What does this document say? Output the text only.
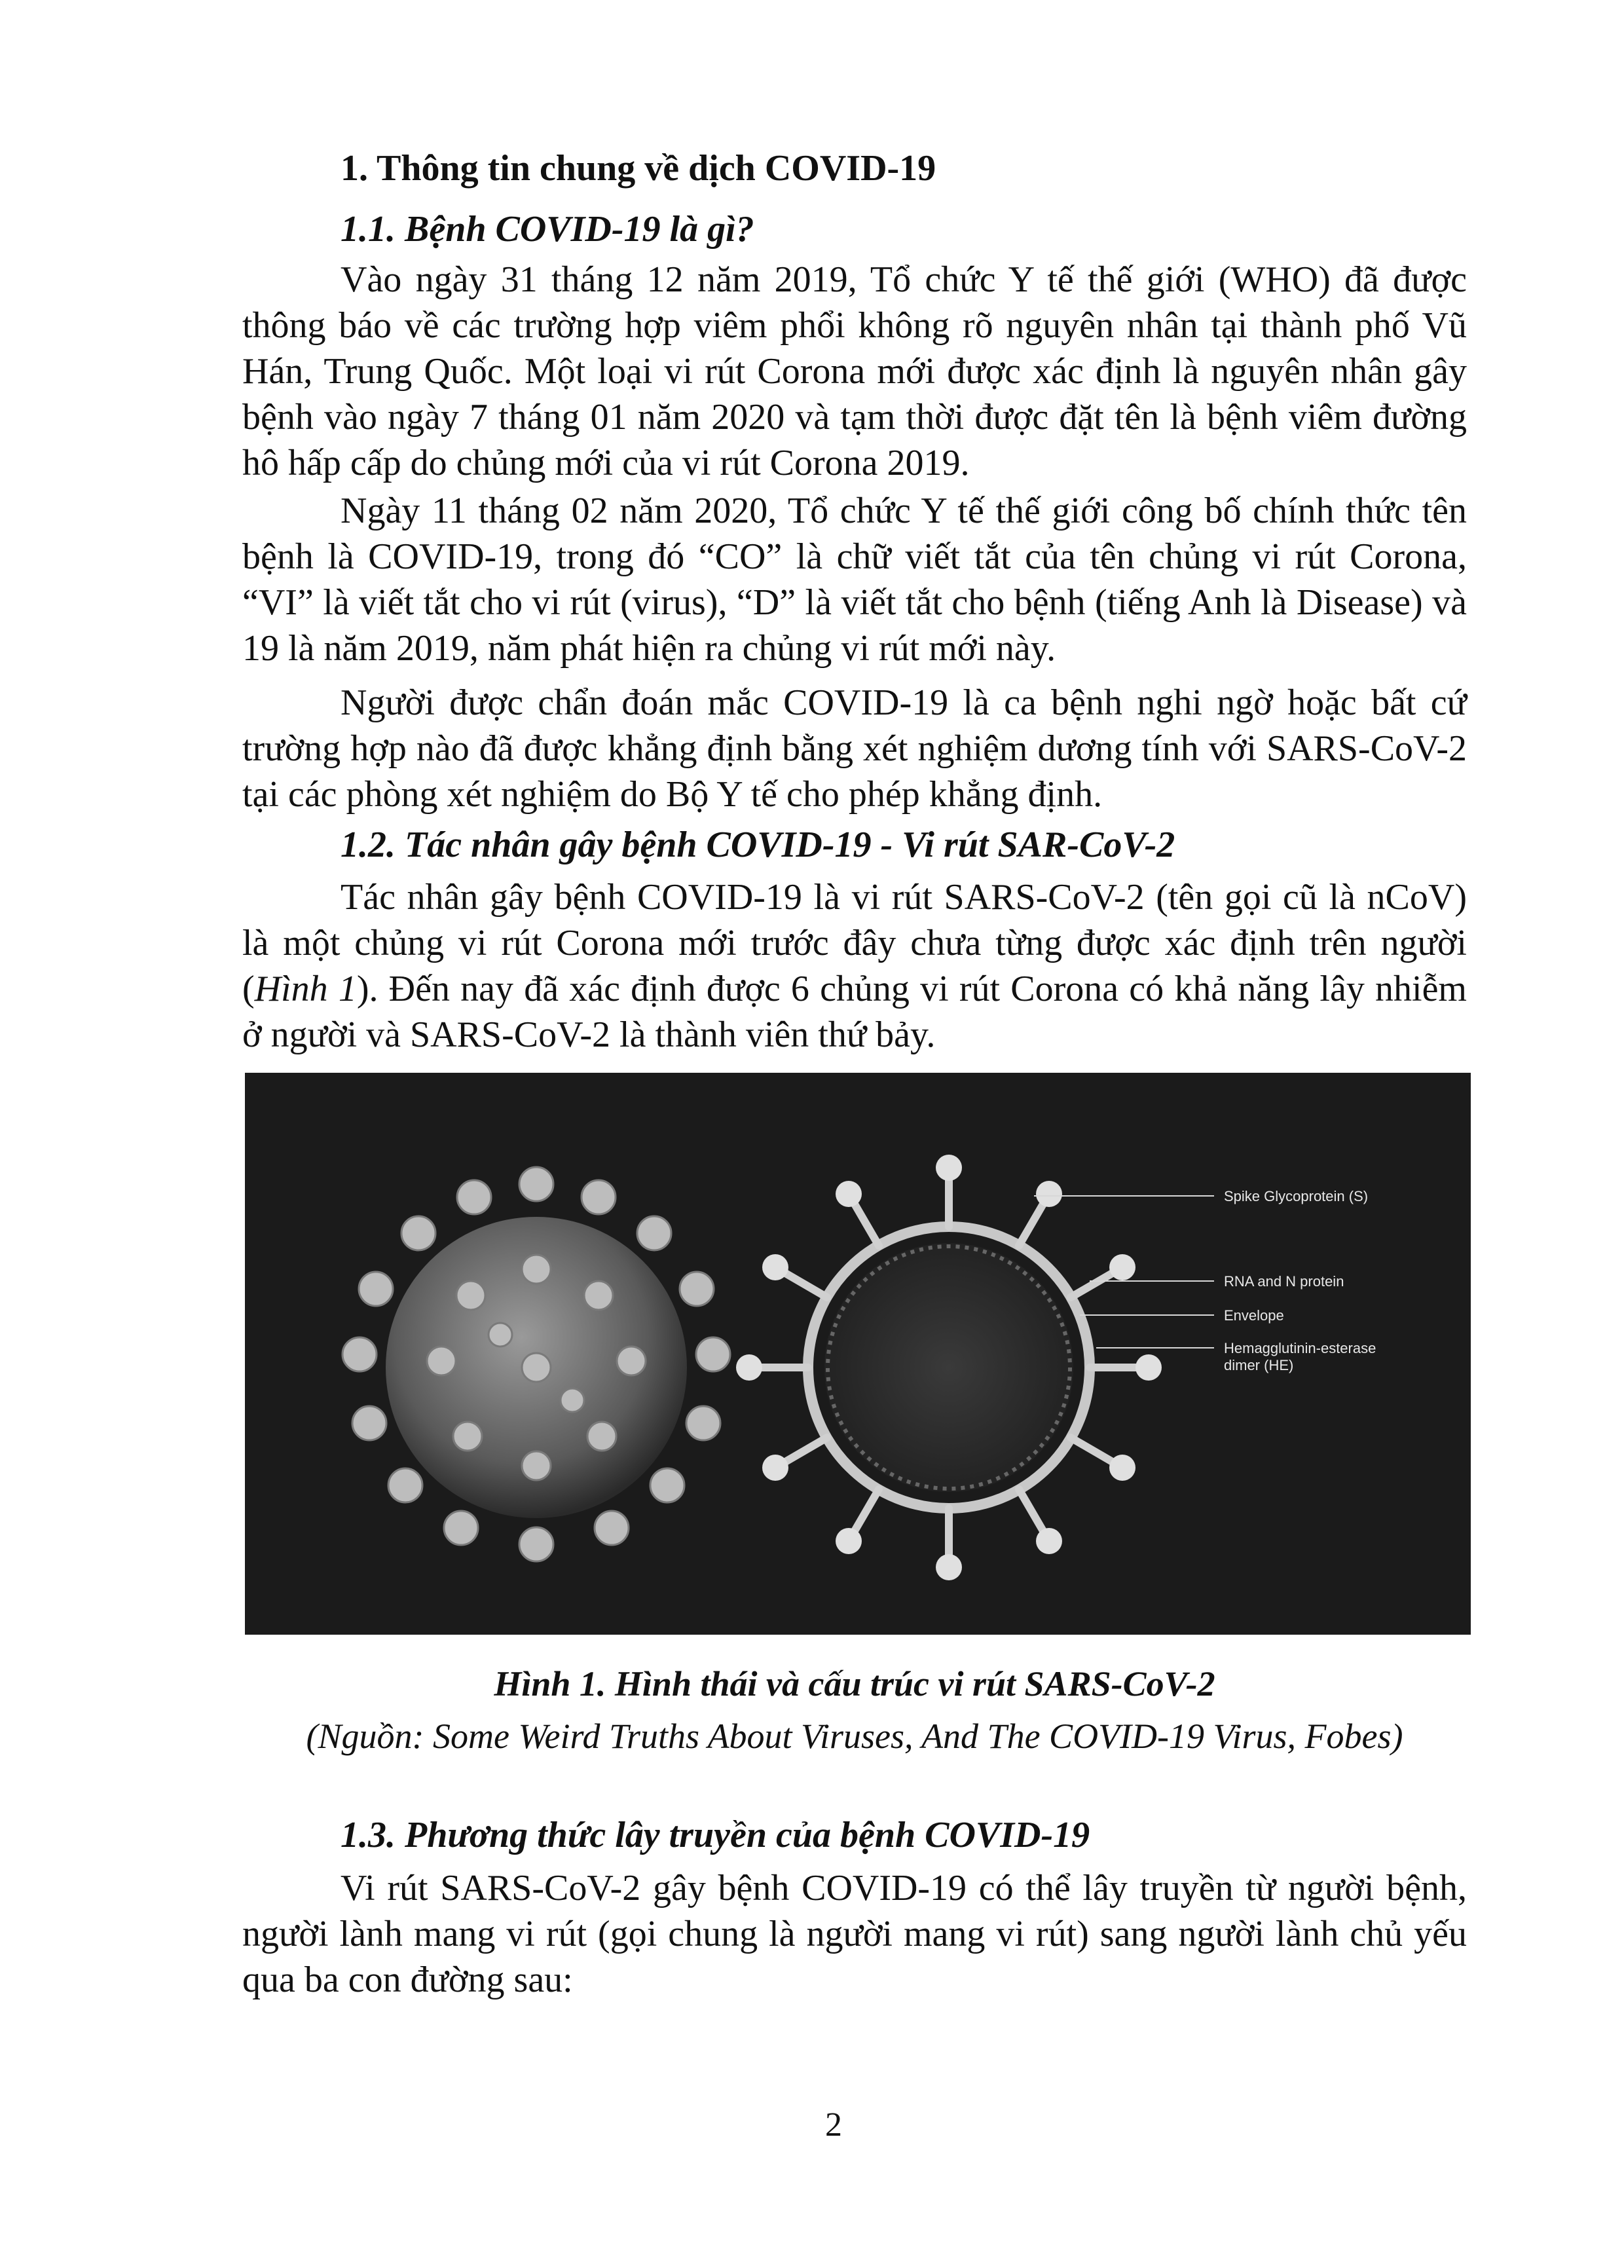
1. Thông tin chung về dịch COVID-19
1.1. Bệnh COVID-19 là gì?

Vào ngày 31 tháng 12 năm 2019, Tổ chức Y tế thế giới (WHO) đã được thông báo về các trường hợp viêm phổi không rõ nguyên nhân tại thành phố Vũ Hán, Trung Quốc. Một loại vi rút Corona mới được xác định là nguyên nhân gây bệnh vào ngày 7 tháng 01 năm 2020 và tạm thời được đặt tên là bệnh viêm đường hô hấp cấp do chủng mới của vi rút Corona 2019.

Ngày 11 tháng 02 năm 2020, Tổ chức Y tế thế giới công bố chính thức tên bệnh là COVID-19, trong đó “CO” là chữ viết tắt của tên chủng vi rút Corona, “VI” là viết tắt cho vi rút (virus), “D” là viết tắt cho bệnh (tiếng Anh là Disease) và 19 là năm 2019, năm phát hiện ra chủng vi rút mới này.

Người được chẩn đoán mắc COVID-19 là ca bệnh nghi ngờ hoặc bất cứ trường hợp nào đã được khẳng định bằng xét nghiệm dương tính với SARS-CoV-2 tại các phòng xét nghiệm do Bộ Y tế cho phép khẳng định.

1.2. Tác nhân gây bệnh COVID-19 - Vi rút SAR-CoV-2

Tác nhân gây bệnh COVID-19 là vi rút SARS-CoV-2 (tên gọi cũ là nCoV) là một chủng vi rút Corona mới trước đây chưa từng được xác định trên người (Hình 1). Đến nay đã xác định được 6 chủng vi rút Corona có khả năng lây nhiễm ở người và SARS-CoV-2 là thành viên thứ bảy.

Spike Glycoprotein (S)
RNA and N protein
Envelope
Hemagglutinin-esterase
dimer (HE)
Hình 1. Hình thái và cấu trúc vi rút SARS-CoV-2
(Nguồn: Some Weird Truths About Viruses, And The COVID-19 Virus, Fobes)
1.3. Phương thức lây truyền của bệnh COVID-19

Vi rút SARS-CoV-2 gây bệnh COVID-19 có thể lây truyền từ người bệnh, người lành mang vi rút (gọi chung là người mang vi rút) sang người lành chủ yếu qua ba con đường sau:

2
